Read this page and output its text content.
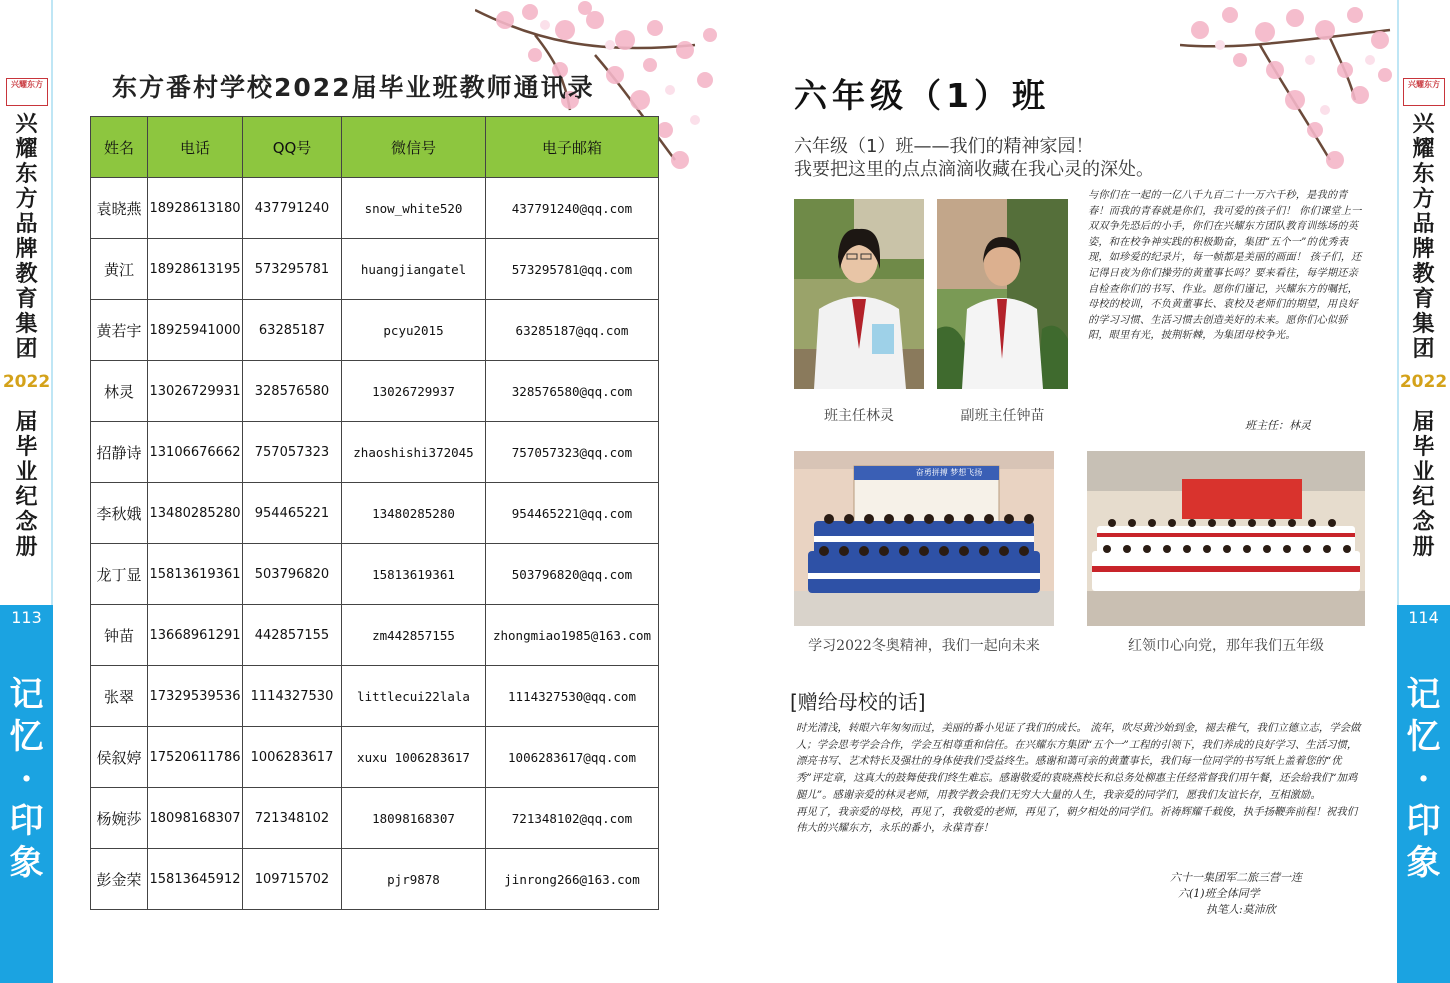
兴耀东方
兴
耀
东
方
品
牌
教
育
集
团
2022
届
毕
业
纪
念
册
113
记
忆
·
印
象
兴耀东方
兴
耀
东
方
品
牌
教
育
集
团
2022
届
毕
业
纪
念
册
114
记
忆
·
印
象
东方番村学校2022届毕业班教师通讯录
姓名	电话	QQ号	微信号	电子邮箱
袁晓燕	18928613180	437791240	snow_white520	437791240@qq.com
黄江	18928613195	573295781	huangjiangatel	573295781@qq.com
黄若宇	18925941000	63285187	pcyu2015	63285187@qq.com
林灵	13026729931	328576580	13026729937	328576580@qq.com
招静诗	13106676662	757057323	zhaoshishi372045	757057323@qq.com
李秋娥	13480285280	954465221	13480285280	954465221@qq.com
龙丁显	15813619361	503796820	15813619361	503796820@qq.com
钟苗	13668961291	442857155	zm442857155	zhongmiao1985@163.com
张翠	17329539536	1114327530	littlecui22lala	1114327530@qq.com
侯叙婷	17520611786	1006283617	xuxu 1006283617	1006283617@qq.com
杨婉莎	18098168307	721348102	18098168307	721348102@qq.com
彭金荣	15813645912	109715702	pjr9878	jinrong266@163.com
六年级（1）班
六年级（1）班——我们的精神家园！
我要把这里的点点滴滴收藏在我心灵的深处。
班主任林灵	副班主任钟苗
与你们在一起的一亿八千九百二十一万六千秒，是我的青春！而我的青春就是你们，我可爱的孩子们！ 你们课堂上一双双争先恐后的小手，你们在兴耀东方团队教育训练场的英姿，和在校争神实践的积极勤奋，集团“五个一”的优秀表现，如珍爱的纪录片，每一帧都是美丽的画面！ 孩子们，还记得日夜为你们操劳的黄董事长吗？要来看往，每学期还亲自检查你们的书写、作业。愿你们谨记，兴耀东方的嘱托，母校的校训，不负黄董事长、袁校及老师们的期望，用良好的学习习惯、生活习惯去创造美好的未来。愿你们心似骄阳，眼里有光，披荆斩棘，为集团母校争光。
班主任：林灵
奋勇拼搏 梦想飞扬
学习2022冬奥精神，我们一起向未来	红领巾心向党，那年我们五年级
[赠给母校的话]

时光清浅，转眼六年匆匆而过，美丽的番小见证了我们的成长。 流年，吹尽黄沙始到金，褪去稚气，我们立德立志，学会做人；学会思考学会合作，学会互相尊重和信任。在兴耀东方集团“五个一”工程的引领下，我们养成的良好学习、生活习惯，漂亮书写、艺术特长及强壮的身体使我们受益终生。感谢和蔼可亲的黄董事长，我们每一位同学的书写纸上盖着您的“优秀”评定章，这真大的鼓舞使我们终生难忘。感谢敬爱的袁晓燕校长和总务处柳惠主任经常督我们用午餐，还会给我们“加鸡腿儿”。感谢亲爱的林灵老师，用教学教会我们无穷大大量的人生，我亲爱的同学们，愿我们友谊长存，互相激励。

再见了，我亲爱的母校，再见了，我敬爱的老师，再见了，朝夕相处的同学们。祈祷辉耀千载俊，执手扬鞭奔前程！祝我们伟大的兴耀东方，永乐的番小，永葆青春！

六十一集团军二旅三营一连
六(1)班全体同学
执笔人:莫沛欣
